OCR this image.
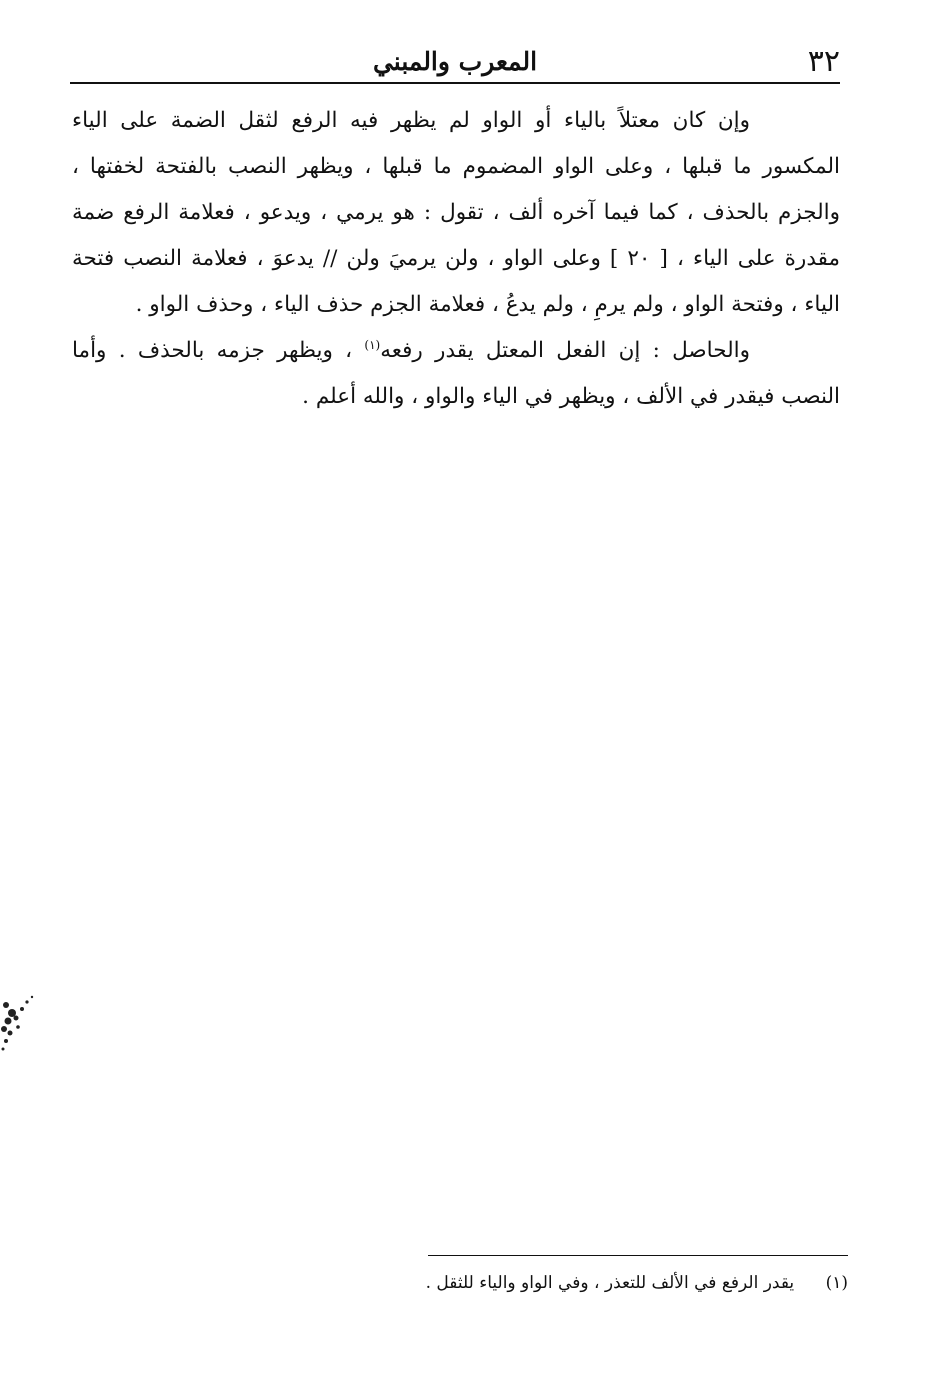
٣٢
المعرب والمبني

وإن كان معتلاً بالياء أو الواو لم يظهر فيه الرفع لثقل الضمة على الياء المكسور ما قبلها ، وعلى الواو المضموم ما قبلها ، ويظهر النصب بالفتحة لخفتها ، والجزم بالحذف ، كما فيما آخره ألف ، تقول : هو يرمي ، ويدعو ، فعلامة الرفع ضمة مقدرة على الياء ، [ ٢٠ ] وعلى الواو ، ولن يرميَ ولن // يدعوَ ، فعلامة النصب فتحة الياء ، وفتحة الواو ، ولم يرمِ ، ولم يدعُ ، فعلامة الجزم حذف الياء ، وحذف الواو .

والحاصل : إن الفعل المعتل يقدر رفعه$^{(١)}$ ، ويظهر جزمه بالحذف . وأما النصب فيقدر في الألف ، ويظهر في الياء والواو ، والله أعلم .

(١) يقدر الرفع في الألف للتعذر ، وفي الواو والياء للثقل .
